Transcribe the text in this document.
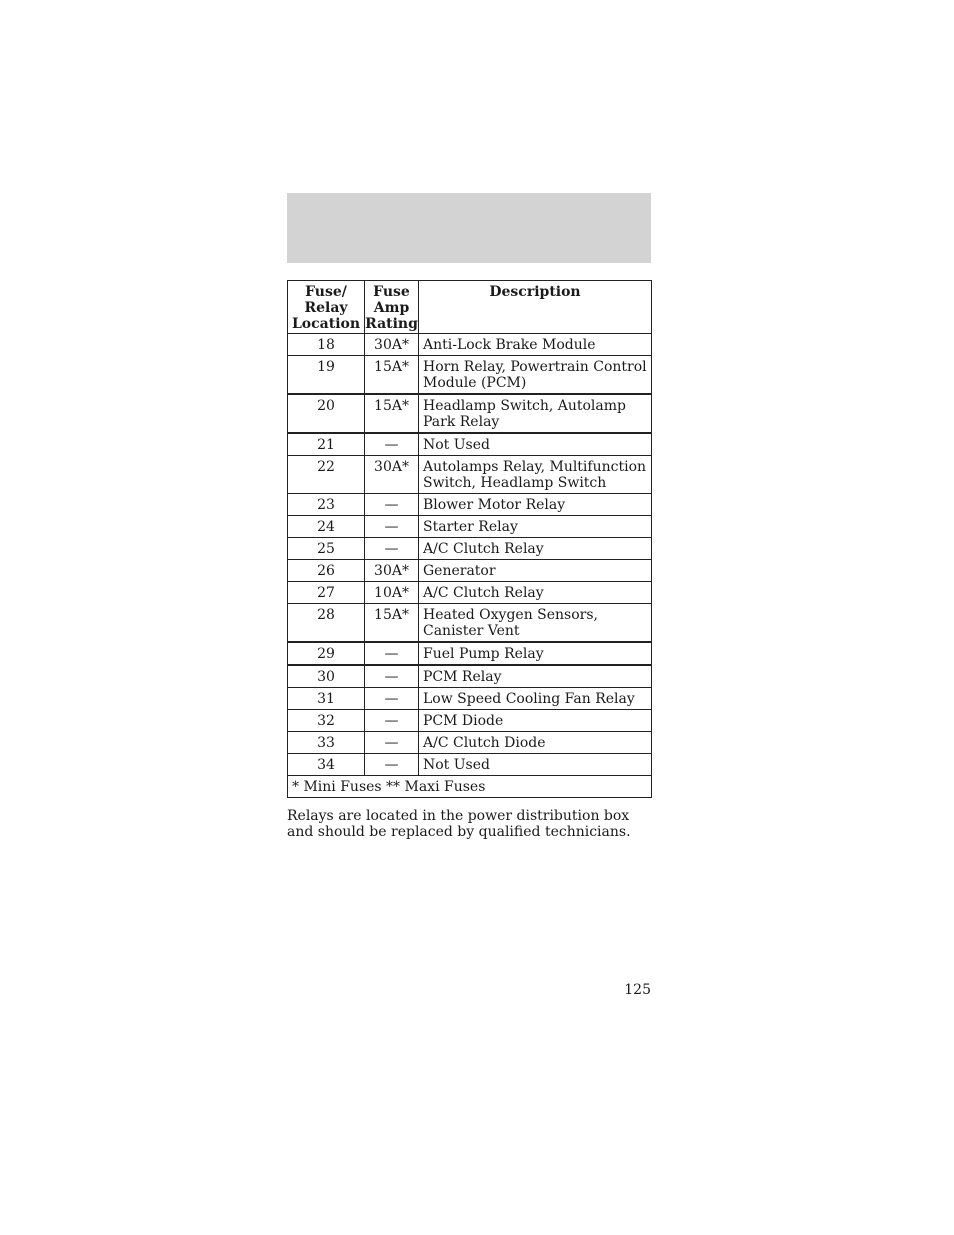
Fuse/
Relay
Location	Fuse
Amp
Rating	Description
18	30A*	Anti-Lock Brake Module
19	15A*	Horn Relay, Powertrain Control Module (PCM)
20	15A*	Headlamp Switch, Autolamp Park Relay
21	—	Not Used
22	30A*	Autolamps Relay, Multifunction Switch, Headlamp Switch
23	—	Blower Motor Relay
24	—	Starter Relay
25	—	A/C Clutch Relay
26	30A*	Generator
27	10A*	A/C Clutch Relay
28	15A*	Heated Oxygen Sensors, Canister Vent
29	—	Fuel Pump Relay
30	—	PCM Relay
31	—	Low Speed Cooling Fan Relay
32	—	PCM Diode
33	—	A/C Clutch Diode
34	—	Not Used
* Mini Fuses ** Maxi Fuses		

Relays are located in the power distribution box and should be replaced by qualified technicians.

125
